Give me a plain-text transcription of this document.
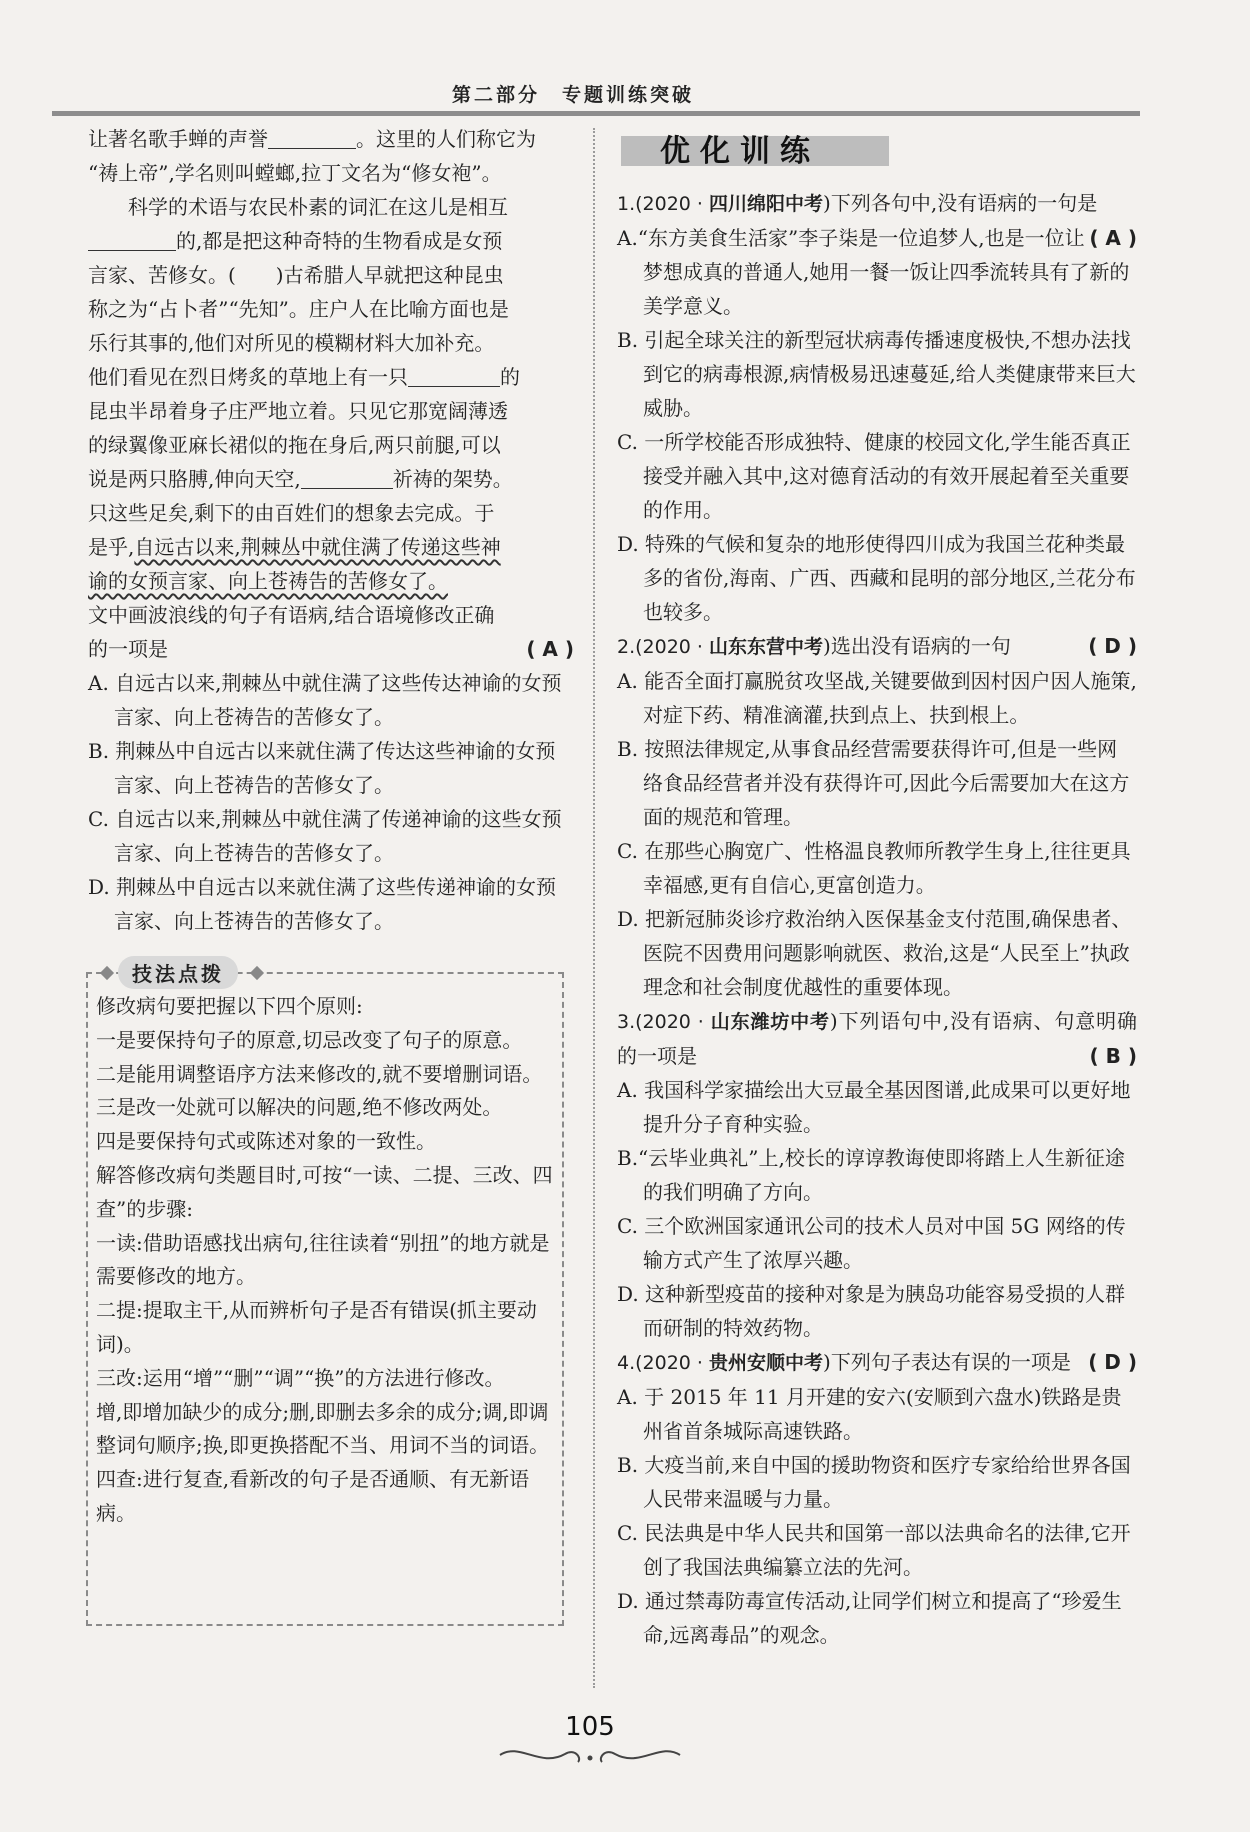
第二部分　专题训练突破

让著名歌手蝉的声誉	。这里的人们称它为

“祷上帝”,学名则叫螳螂,拉丁文名为“修女袍”。

科学的术语与农民朴素的词汇在这儿是相互

的,都是把这种奇特的生物看成是女预

言家、苦修女。(　　)古希腊人早就把这种昆虫

称之为“占卜者”“先知”。庄户人在比喻方面也是

乐行其事的,他们对所见的模糊材料大加补充。

他们看见在烈日烤炙的草地上有一只	的

昆虫半昂着身子庄严地立着。只见它那宽阔薄透

的绿翼像亚麻长裙似的拖在身后,两只前腿,可以

说是两只胳膊,伸向天空,	祈祷的架势。

只这些足矣,剩下的由百姓们的想象去完成。于

是乎,自远古以来,荆棘丛中就住满了传递这些神

谕的女预言家、向上苍祷告的苦修女了。

文中画波浪线的句子有语病,结合语境修改正确

的一项是	( A )

A. 自远古以来,荆棘丛中就住满了这些传达神谕的女预言家、向上苍祷告的苦修女了。

B. 荆棘丛中自远古以来就住满了传达这些神谕的女预言家、向上苍祷告的苦修女了。

C. 自远古以来,荆棘丛中就住满了传递神谕的这些女预言家、向上苍祷告的苦修女了。

D. 荆棘丛中自远古以来就住满了这些传递神谕的女预言家、向上苍祷告的苦修女了。

技法点拨

修改病句要把握以下四个原则:

一是要保持句子的原意,切忌改变了句子的原意。

二是能用调整语序方法来修改的,就不要增删词语。

三是改一处就可以解决的问题,绝不修改两处。

四是要保持句式或陈述对象的一致性。

解答修改病句类题目时,可按“一读、二提、三改、四查”的步骤:

一读:借助语感找出病句,往往读着“别扭”的地方就是需要修改的地方。

二提:提取主干,从而辨析句子是否有错误(抓主要动词)。

三改:运用“增”“删”“调”“换”的方法进行修改。

增,即增加缺少的成分;删,即删去多余的成分;调,即调整词句顺序;换,即更换搭配不当、用词不当的词语。

四查:进行复查,看新改的句子是否通顺、有无新语病。

优化训练

1.(2020 · 四川绵阳中考)下列各句中,没有语病的一句是
( A )

A.“东方美食生活家”李子柒是一位追梦人,也是一位让梦想成真的普通人,她用一餐一饭让四季流转具有了新的美学意义。

B. 引起全球关注的新型冠状病毒传播速度极快,不想办法找到它的病毒根源,病情极易迅速蔓延,给人类健康带来巨大威胁。

C. 一所学校能否形成独特、健康的校园文化,学生能否真正接受并融入其中,这对德育活动的有效开展起着至关重要的作用。

D. 特殊的气候和复杂的地形使得四川成为我国兰花种类最多的省份,海南、广西、西藏和昆明的部分地区,兰花分布也较多。

2.(2020 · 山东东营中考)选出没有语病的一句	( D )

A. 能否全面打赢脱贫攻坚战,关键要做到因村因户因人施策,对症下药、精准滴灌,扶到点上、扶到根上。

B. 按照法律规定,从事食品经营需要获得许可,但是一些网络食品经营者并没有获得许可,因此今后需要加大在这方面的规范和管理。

C. 在那些心胸宽广、性格温良教师所教学生身上,往往更具幸福感,更有自信心,更富创造力。

D. 把新冠肺炎诊疗救治纳入医保基金支付范围,确保患者、医院不因费用问题影响就医、救治,这是“人民至上”执政理念和社会制度优越性的重要体现。

3.(2020 · 山东潍坊中考)下列语句中,没有语病、句意明确的一项是	( B )

A. 我国科学家描绘出大豆最全基因图谱,此成果可以更好地提升分子育种实验。

B.“云毕业典礼”上,校长的谆谆教诲使即将踏上人生新征途的我们明确了方向。

C. 三个欧洲国家通讯公司的技术人员对中国 5G 网络的传输方式产生了浓厚兴趣。

D. 这种新型疫苗的接种对象是为胰岛功能容易受损的人群而研制的特效药物。

4.(2020 · 贵州安顺中考)下列句子表达有误的一项是 ( D )

A. 于 2015 年 11 月开建的安六(安顺到六盘水)铁路是贵州省首条城际高速铁路。

B. 大疫当前,来自中国的援助物资和医疗专家给给世界各国人民带来温暖与力量。

C. 民法典是中华人民共和国第一部以法典命名的法律,它开创了我国法典编纂立法的先河。

D. 通过禁毒防毒宣传活动,让同学们树立和提高了“珍爱生命,远离毒品”的观念。

105
